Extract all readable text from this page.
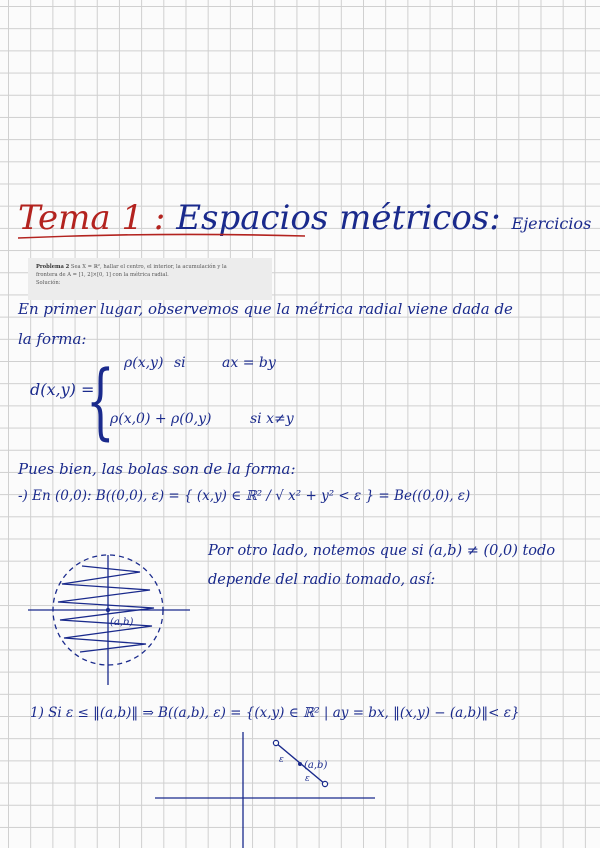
Tema 1 : Espacios métricos: Ejercicios
Problema 2 Sea X = ℝ², hallar el centro, el interior, la acumulación y la
frontera de A = [1, 2]×[0, 1] con la métrica radial.
Solución:
En primer lugar, observemos que la métrica radial viene dada de
la forma:
d(x,y) =
{ ρ(x,y) si	ax = by
ρ(x,0) + ρ(0,y)	si x≠y
Pues bien, las bolas son de la forma:
-) En (0,0): B((0,0), ε) = { (x,y) ∈ ℝ² / √ x² + y² < ε } = Be((0,0), ε)
Por otro lado, notemos que si (a,b) ≠ (0,0) todo
depende del radio tomado, así:
(a,b)
1) Si ε ≤ ‖(a,b)‖ ⇒ B((a,b), ε) = {(x,y) ∈ ℝ² | ay = bx, ‖(x,y) − (a,b)‖< ε}
(a,b)
ε
ε
